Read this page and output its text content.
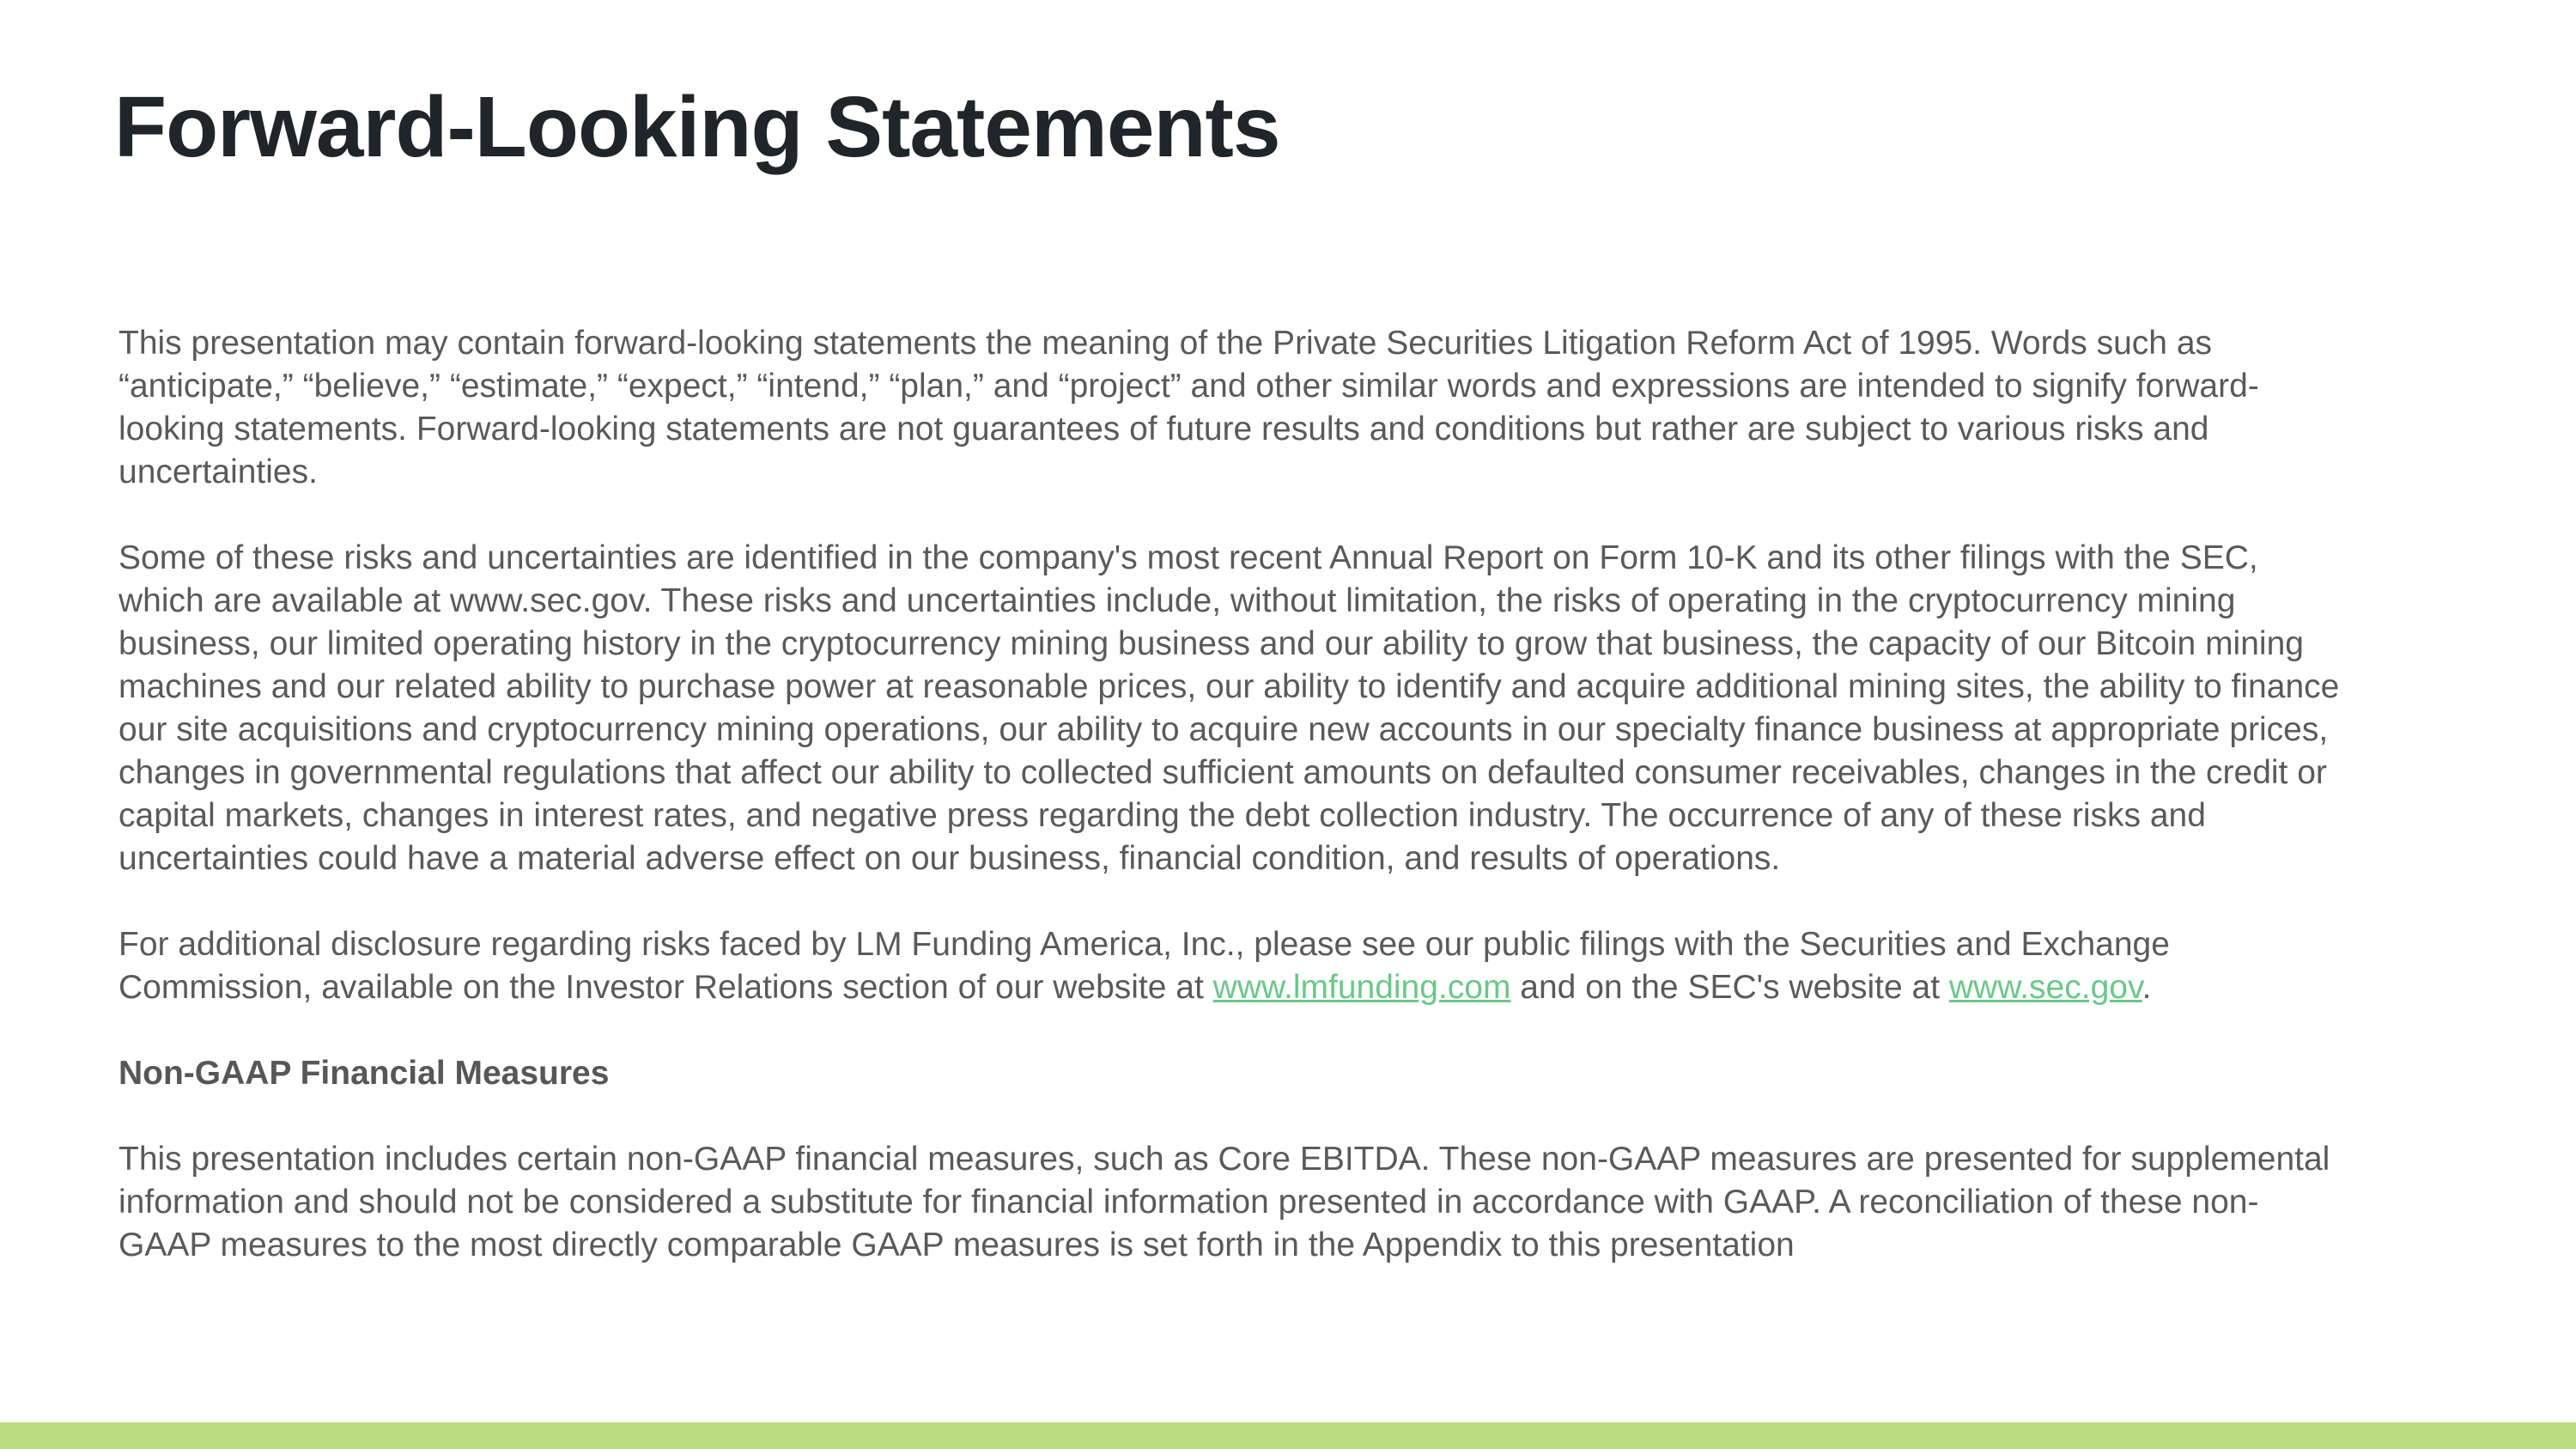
Forward-Looking Statements

This presentation may contain forward-looking statements the meaning of the Private Securities Litigation Reform Act of 1995. Words such as “anticipate,” “believe,” “estimate,” “expect,” “intend,” “plan,” and “project” and other similar words and expressions are intended to signify forward-looking statements. Forward-looking statements are not guarantees of future results and conditions but rather are subject to various risks and uncertainties.

Some of these risks and uncertainties are identified in the company's most recent Annual Report on Form 10-K and its other filings with the SEC, which are available at www.sec.gov. These risks and uncertainties include, without limitation, the risks of operating in the cryptocurrency mining business, our limited operating history in the cryptocurrency mining business and our ability to grow that business, the capacity of our Bitcoin mining machines and our related ability to purchase power at reasonable prices, our ability to identify and acquire additional mining sites, the ability to finance our site acquisitions and cryptocurrency mining operations, our ability to acquire new accounts in our specialty finance business at appropriate prices, changes in governmental regulations that affect our ability to collected sufficient amounts on defaulted consumer receivables, changes in the credit or capital markets, changes in interest rates, and negative press regarding the debt collection industry. The occurrence of any of these risks and uncertainties could have a material adverse effect on our business, financial condition, and results of operations.

For additional disclosure regarding risks faced by LM Funding America, Inc., please see our public filings with the Securities and Exchange Commission, available on the Investor Relations section of our website at www.lmfunding.com and on the SEC's website at www.sec.gov.

Non-GAAP Financial Measures

This presentation includes certain non-GAAP financial measures, such as Core EBITDA. These non-GAAP measures are presented for supplemental information and should not be considered a substitute for financial information presented in accordance with GAAP. A reconciliation of these non-GAAP measures to the most directly comparable GAAP measures is set forth in the Appendix to this presentation
